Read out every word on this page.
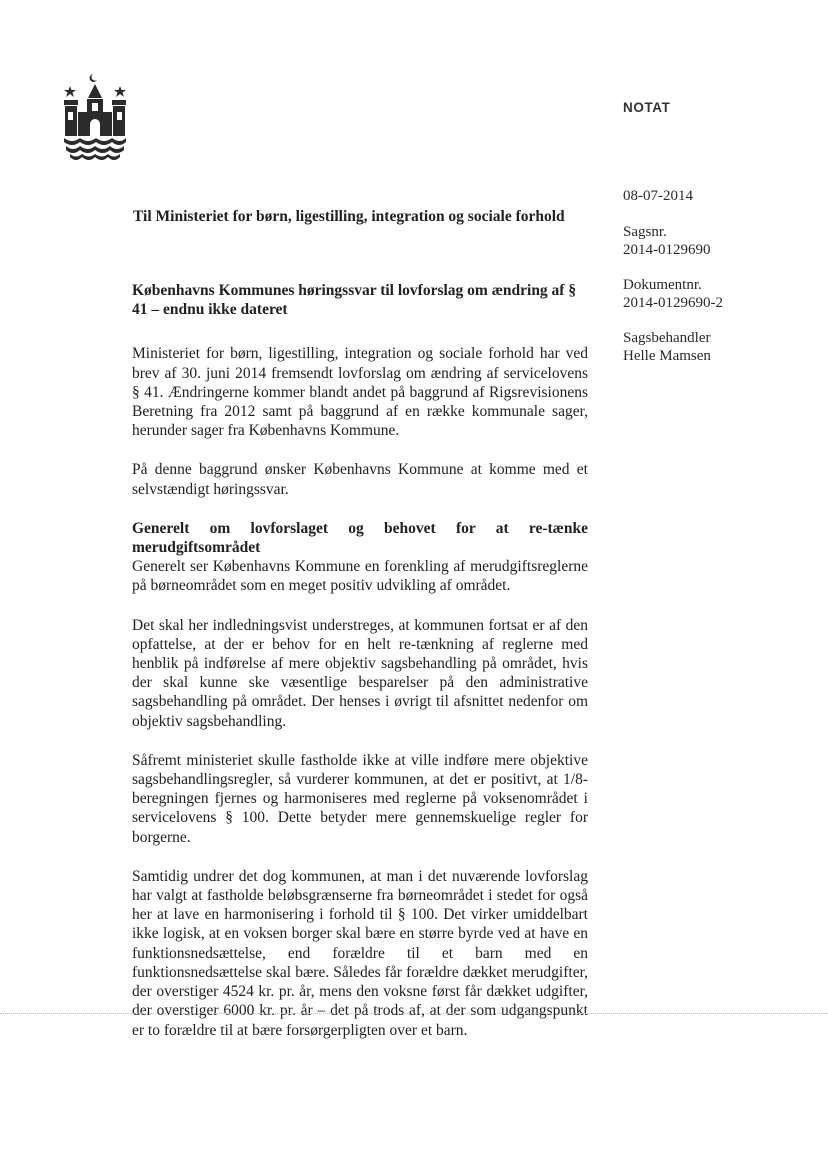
NOTAT
08-07-2014
Sagsnr.
2014-0129690
Dokumentnr.
2014-0129690-2
Sagsbehandler
Helle Mamsen
Til Ministeriet for børn, ligestilling, integration og sociale forhold

Københavns Kommunes høringssvar til lovforslag om ændring af § 41 – endnu ikke dateret

Ministeriet for børn, ligestilling, integration og sociale forhold har ved brev af 30. juni 2014 fremsendt lovforslag om ændring af servicelovens § 41. Ændringerne kommer blandt andet på baggrund af Rigsrevisionens Beretning fra 2012 samt på baggrund af en række kommunale sager, herunder sager fra Københavns Kommune.

På denne baggrund ønsker Københavns Kommune at komme med et selvstændigt høringssvar.

Generelt om lovforslaget og behovet for at re-tænke merudgiftsområdet

Generelt ser Københavns Kommune en forenkling af merudgiftsreglerne på børneområdet som en meget positiv udvikling af området.

Det skal her indledningsvist understreges, at kommunen fortsat er af den opfattelse, at der er behov for en helt re-tænkning af reglerne med henblik på indførelse af mere objektiv sagsbehandling på området, hvis der skal kunne ske væsentlige besparelser på den administrative sagsbehandling på området. Der henses i øvrigt til afsnittet nedenfor om objektiv sagsbehandling.

Såfremt ministeriet skulle fastholde ikke at ville indføre mere objektive sagsbehandlingsregler, så vurderer kommunen, at det er positivt, at 1/8-beregningen fjernes og harmoniseres med reglerne på voksenområdet i servicelovens § 100. Dette betyder mere gennemskuelige regler for borgerne.

Samtidig undrer det dog kommunen, at man i det nuværende lovforslag har valgt at fastholde beløbsgrænserne fra børneområdet i stedet for også her at lave en harmonisering i forhold til § 100. Det virker umiddelbart ikke logisk, at en voksen borger skal bære en større byrde ved at have en funktionsnedsættelse, end forældre til et barn med en funktionsnedsættelse skal bære. Således får forældre dækket merudgifter, der overstiger 4524 kr. pr. år, mens den voksne først får dækket udgifter, der overstiger 6000 kr. pr. år – det på trods af, at der som udgangspunkt er to forældre til at bære forsørgerpligten over et barn.
